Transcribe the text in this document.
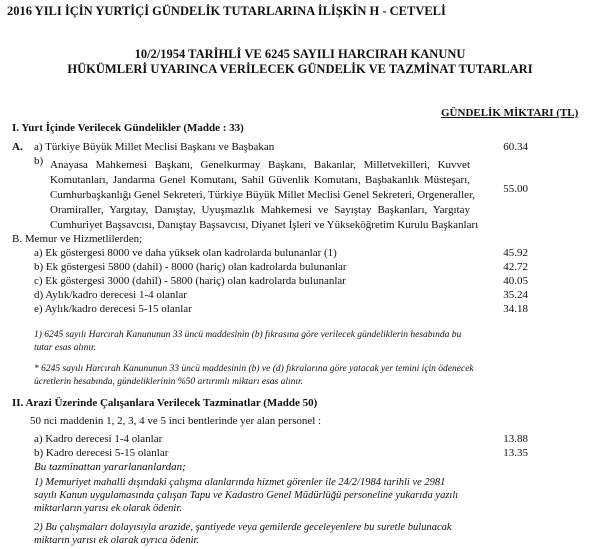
2016 YILI İÇİN YURTİÇİ GÜNDELİK TUTARLARINA İLİŞKİN H - CETVELİ
10/2/1954 TARİHLİ VE 6245 SAYILI HARCIRAH KANUNU
HÜKÜMLERİ UYARINCA VERİLECEK GÜNDELİK VE TAZMİNAT TUTARLARI
GÜNDELİK MİKTARI (TL)
I. Yurt İçinde Verilecek Gündelikler (Madde : 33)
A. a) Türkiye Büyük Millet Meclisi Başkanı ve Başbakan	60.34
b) Anayasa Mahkemesi Başkanı, Genelkurmay Başkanı, Bakanlar, Milletvekilleri, Kuvvet
Komutanları, Jandarma Genel Komutanı, Sahil Güvenlik Komutanı, Başbakanlık Müsteşarı,
Cumhurbaşkanlığı Genel Sekreteri, Türkiye Büyük Millet Meclisi Genel Sekreteri, Orgeneraller,
Oramiraller, Yargıtay, Danıştay, Uyuşmazlık Mahkemesi ve Sayıştay Başkanları, Yargıtay
Cumhuriyet Başsavcısı, Danıştay Başsavcısı, Diyanet İşleri ve Yükseköğretim Kurulu Başkanları
55.00
B. Memur ve Hizmetlilerden;
a) Ek göstergesi 8000 ve daha yüksek olan kadrolarda bulunanlar (1)	45.92
b) Ek göstergesi 5800 (dahil) - 8000 (hariç) olan kadrolarda bulunanlar	42.72
c) Ek göstergesi 3000 (dahil) - 5800 (hariç) olan kadrolarda bulunanlar	40.05
d) Aylık/kadro derecesi 1-4 olanlar	35.24
e) Aylık/kadro derecesi 5-15 olanlar	34.18
1) 6245 sayılı Harcırah Kanununun 33 üncü maddesinin (b) fıkrasına göre verilecek gündeliklerin hesabında bu tutar esas alınır.
* 6245 sayılı Harcırah Kanununun 33 üncü maddesinin (b) ve (d) fıkralarına göre yatacak yer temini için ödenecek ücretlerin hesabında, gündeliklerinin %50 artırımlı miktarı esas alınır.
II. Arazi Üzerinde Çalışanlara Verilecek Tazminatlar (Madde 50)
50 nci maddenin 1, 2, 3, 4 ve 5 inci bentlerinde yer alan personel :
a) Kadro derecesi 1-4 olanlar	13.88
b) Kadro derecesi 5-15 olanlar	13.35
Bu tazminattan yararlananlardan;
1) Memuriyet mahalli dışındaki çalışma alanlarında hizmet görenler ile 24/2/1984 tarihli ve 2981 sayılı Kanun uygulamasında çalışan Tapu ve Kadastro Genel Müdürlüğü personeline yukarıda yazılı miktarların yarısı ek olarak ödenir.
2) Bu çalışmaları dolayısıyla arazide, şantiyede veya gemilerde geceleyenlere bu suretle bulunacak miktarın yarısı ek olarak ayrıca ödenir.
